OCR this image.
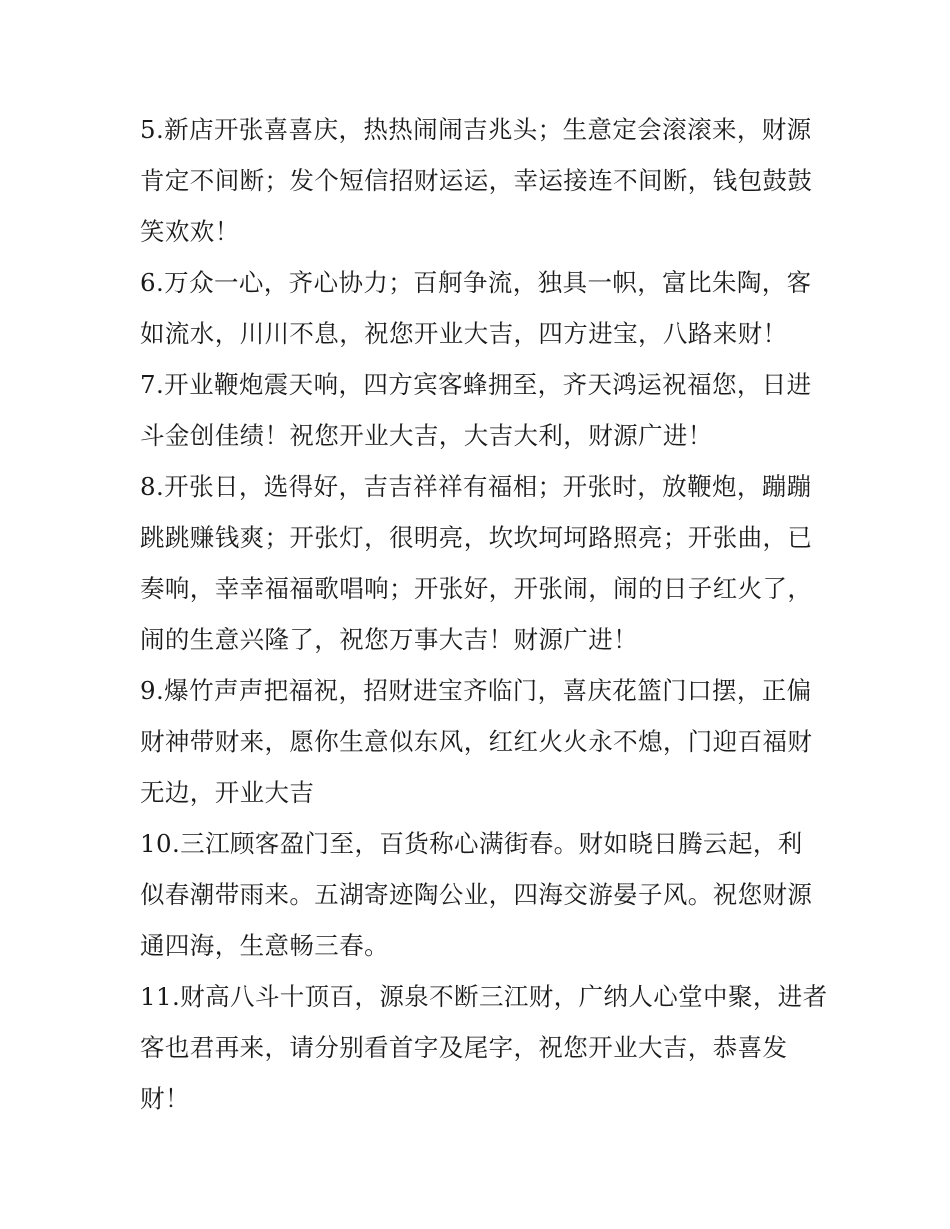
5.新店开张喜喜庆，热热闹闹吉兆头；生意定会滚滚来，财源
肯定不间断；发个短信招财运运，幸运接连不间断，钱包鼓鼓
笑欢欢！

6.万众一心，齐心协力；百舸争流，独具一帜，富比朱陶，客
如流水，川川不息，祝您开业大吉，四方进宝，八路来财！

7.开业鞭炮震天响，四方宾客蜂拥至，齐天鸿运祝福您，日进
斗金创佳绩！祝您开业大吉，大吉大利，财源广进！

8.开张日，选得好，吉吉祥祥有福相；开张时，放鞭炮，蹦蹦
跳跳赚钱爽；开张灯，很明亮，坎坎坷坷路照亮；开张曲，已
奏响，幸幸福福歌唱响；开张好，开张闹，闹的日子红火了，
闹的生意兴隆了，祝您万事大吉！财源广进！

9.爆竹声声把福祝，招财进宝齐临门，喜庆花篮门口摆，正偏
财神带财来，愿你生意似东风，红红火火永不熄，门迎百福财
无边，开业大吉

10.三江顾客盈门至，百货称心满街春。财如晓日腾云起，利
似春潮带雨来。五湖寄迹陶公业，四海交游晏子风。祝您财源
通四海，生意畅三春。

11.财高八斗十顶百，源泉不断三江财，广纳人心堂中聚，进者
客也君再来，请分别看首字及尾字，祝您开业大吉，恭喜发
财！
